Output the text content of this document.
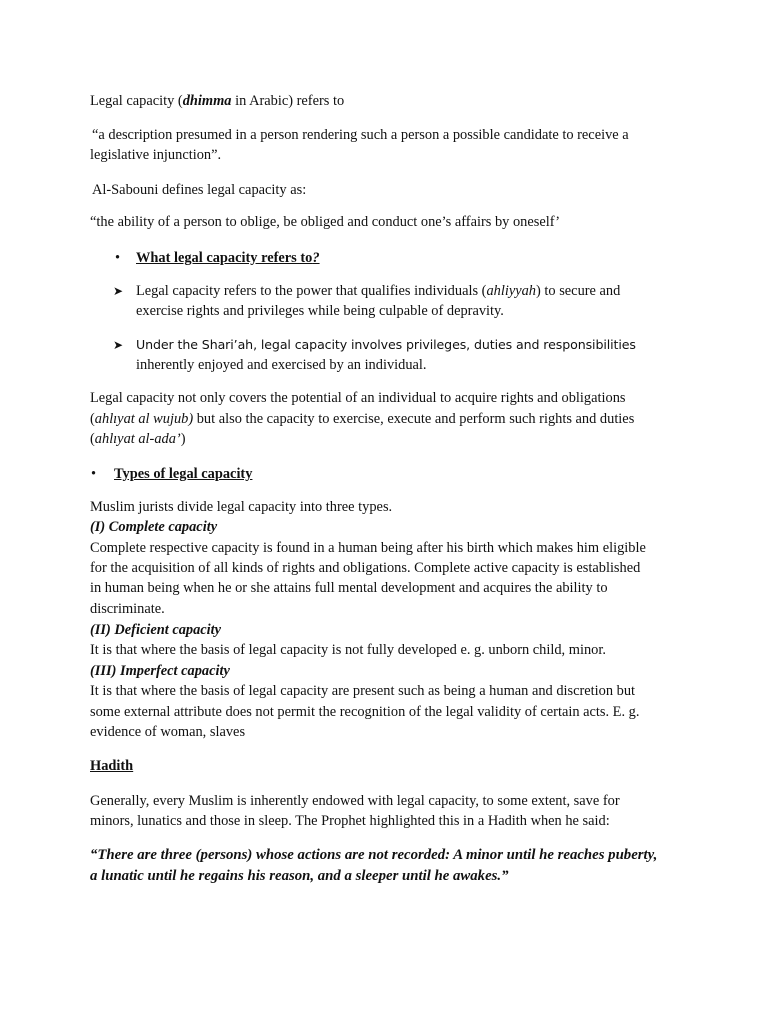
Legal capacity (dhimma in Arabic) refers to
“a description presumed in a person rendering such a person a possible candidate to receive a
legislative injunction”.
Al-Sabouni defines legal capacity as:
“the ability of a person to oblige, be obliged and conduct one’s affairs by oneself’
• What legal capacity refers to?
➤ Legal capacity refers to the power that qualifies individuals (ahliyyah) to secure and
exercise rights and privileges while being culpable of depravity.
➤ Under the Shari’ah, legal capacity involves privileges, duties and responsibilities
inherently enjoyed and exercised by an individual.
Legal capacity not only covers the potential of an individual to acquire rights and obligations
(ahlıyat al wujub) but also the capacity to exercise, execute and perform such rights and duties
(ahlıyat al-ada’)
• Types of legal capacity
Muslim jurists divide legal capacity into three types.
(I) Complete capacity
Complete respective capacity is found in a human being after his birth which makes him eligible
for the acquisition of all kinds of rights and obligations. Complete active capacity is established
in human being when he or she attains full mental development and acquires the ability to
discriminate.
(II) Deficient capacity
It is that where the basis of legal capacity is not fully developed e. g. unborn child, minor.
(III) Imperfect capacity
It is that where the basis of legal capacity are present such as being a human and discretion but
some external attribute does not permit the recognition of the legal validity of certain acts. E. g.
evidence of woman, slaves
Hadith
Generally, every Muslim is inherently endowed with legal capacity, to some extent, save for
minors, lunatics and those in sleep. The Prophet highlighted this in a Hadith when he said:
“There are three (persons) whose actions are not recorded: A minor until he reaches puberty,
a lunatic until he regains his reason, and a sleeper until he awakes.”
